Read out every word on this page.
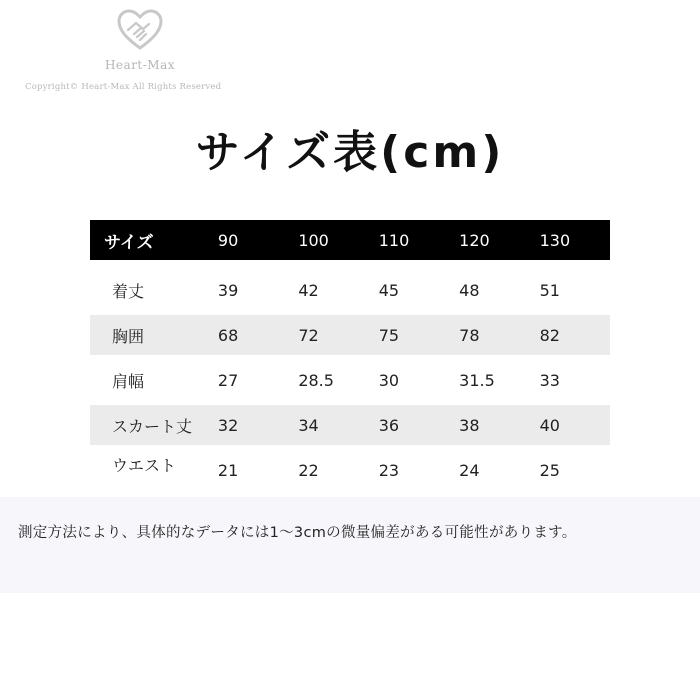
Heart-Max
Copyright© Heart-Max All Rights Reserved
サイズ表(cm)
サイズ	90	100	110	120	130
着丈	39	42	45	48	51
胸囲	68	72	75	78	82
肩幅	27	28.5	30	31.5	33
スカート丈	32	34	36	38	40
ウエスト	21	22	23	24	25
測定方法により、具体的なデータには1〜3cmの微量偏差がある可能性があります。
